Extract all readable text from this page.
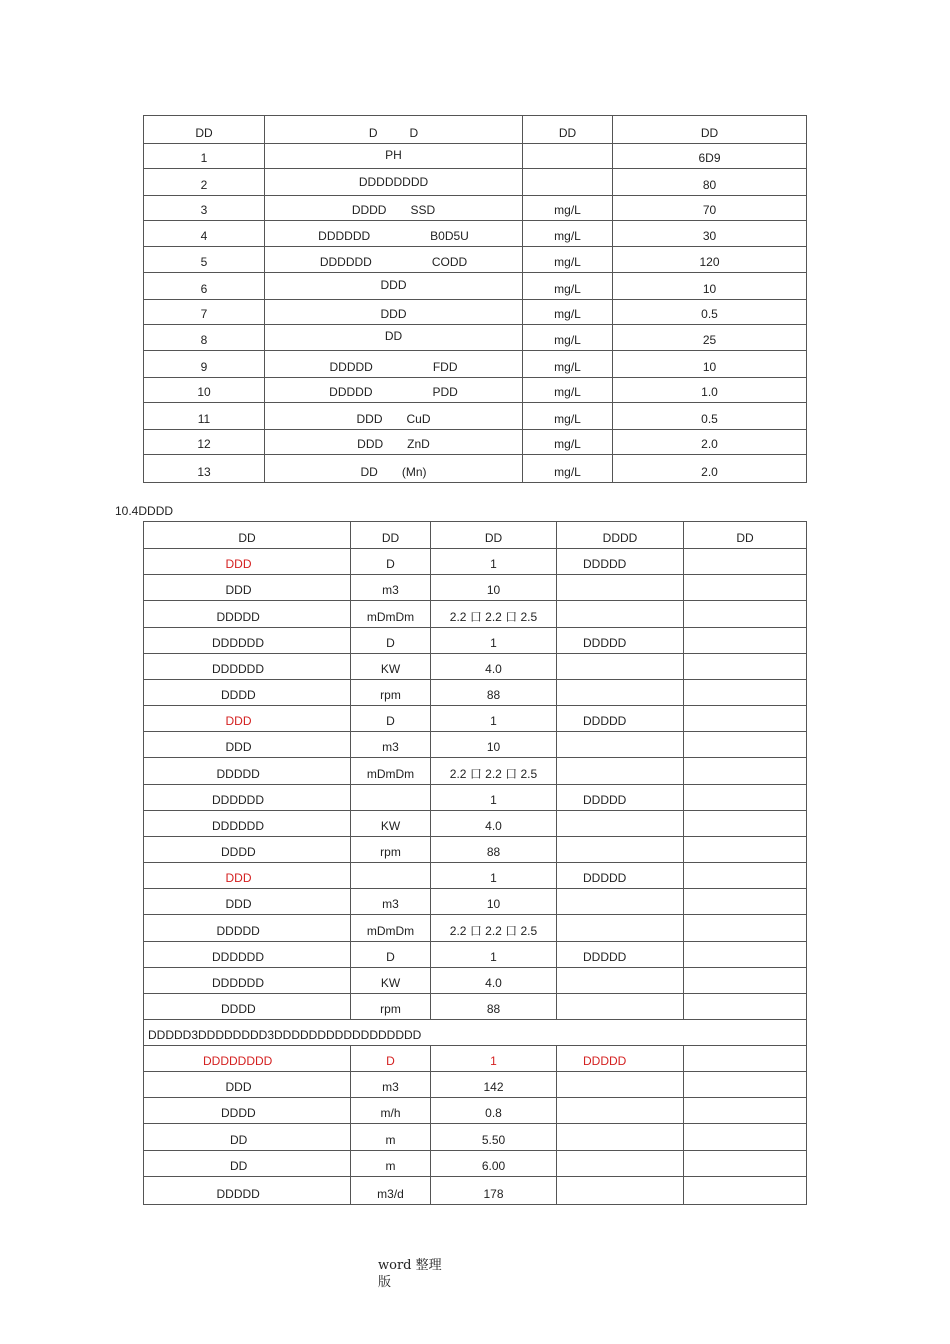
DD	D D	DD	DD
1	PH		6D9
2	DDDDDDDD		80
3	DDDD SSD	mg/L	70
4	DDDDDD B0D5U	mg/L	30
5	DDDDDD CODD	mg/L	120
6	DDD	mg/L	10
7	DDD	mg/L	0.5
8	DD	mg/L	25
9	DDDDD FDD	mg/L	10
10	DDDDD PDD	mg/L	1.0
11	DDD CuD	mg/L	0.5
12	DDD ZnD	mg/L	2.0
13	DD (Mn)	mg/L	2.0
10.4DDDD
DD	DD	DD	DDDD	DD
DDD	D	1	DDDDD	
DDD	m3	10		
DDDDD	mDmDm	2.2 口 2.2 口 2.5		
DDDDDD	D	1	DDDDD	
DDDDDD	KW	4.0		
DDDD	rpm	88		
DDD	D	1	DDDDD	
DDD	m3	10		
DDDDD	mDmDm	2.2 口 2.2 口 2.5		
DDDDDD		1	DDDDD	
DDDDDD	KW	4.0		
DDDD	rpm	88		
DDD		1	DDDDD	
DDD	m3	10		
DDDDD	mDmDm	2.2 口 2.2 口 2.5		
DDDDDD	D	1	DDDDD	
DDDDDD	KW	4.0		
DDDD	rpm	88		
DDDDD3DDDDDDDD3DDDDDDDDDDDDDDDDD				
DDDDDDDD	D	1	DDDDD	
DDD	m3	142		
DDDD	m/h	0.8		
DD	m	5.50		
DD	m	6.00		
DDDDD	m3/d	178		
word 整理
版
